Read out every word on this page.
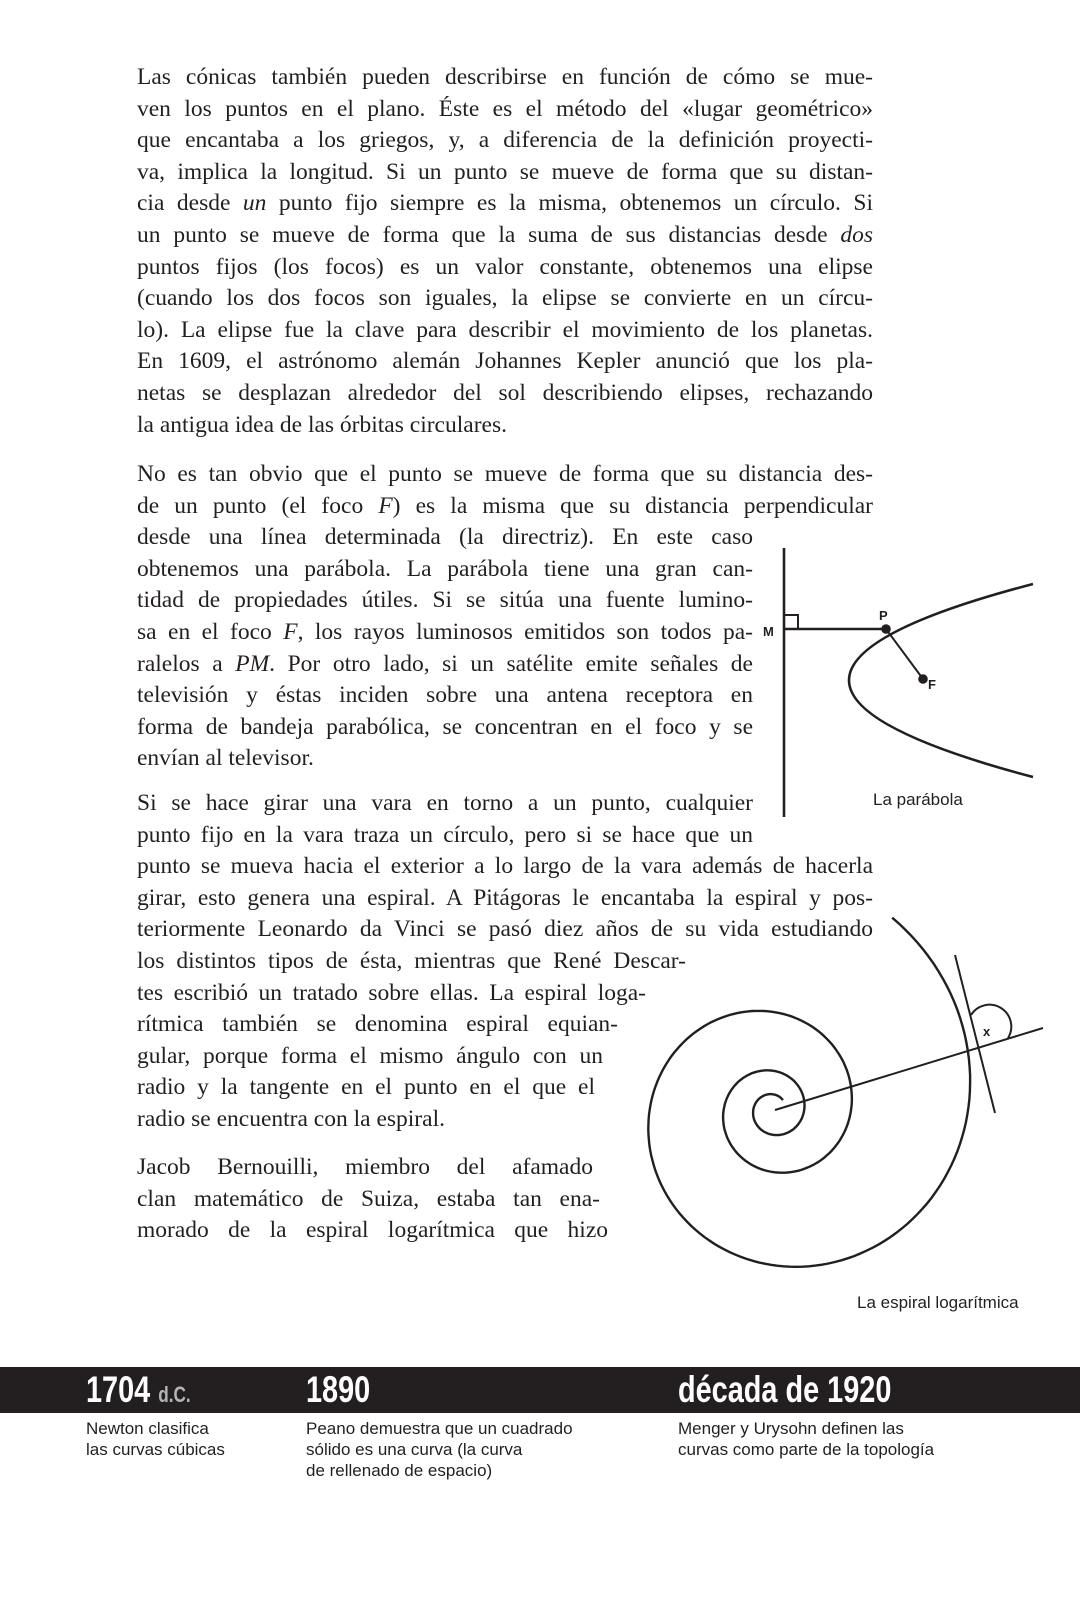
Las cónicas también pueden describirse en función de cómo se mue-
ven los puntos en el plano. Éste es el método del «lugar geométrico»
que encantaba a los griegos, y, a diferencia de la definición proyecti-
va, implica la longitud. Si un punto se mueve de forma que su distan-
cia desde un punto fijo siempre es la misma, obtenemos un círculo. Si
un punto se mueve de forma que la suma de sus distancias desde dos
puntos fijos (los focos) es un valor constante, obtenemos una elipse
(cuando los dos focos son iguales, la elipse se convierte en un círcu-
lo). La elipse fue la clave para describir el movimiento de los planetas.
En 1609, el astrónomo alemán Johannes Kepler anunció que los pla-
netas se desplazan alrededor del sol describiendo elipses, rechazando
la antigua idea de las órbitas circulares.
No es tan obvio que el punto se mueve de forma que su distancia des-
de un punto (el foco F) es la misma que su distancia perpendicular
desde una línea determinada (la directriz). En este caso
obtenemos una parábola. La parábola tiene una gran can-
tidad de propiedades útiles. Si se sitúa una fuente lumino-
sa en el foco F, los rayos luminosos emitidos son todos pa-
ralelos a PM. Por otro lado, si un satélite emite señales de
televisión y éstas inciden sobre una antena receptora en
forma de bandeja parabólica, se concentran en el foco y se
envían al televisor.
Si se hace girar una vara en torno a un punto, cualquier
punto fijo en la vara traza un círculo, pero si se hace que un
punto se mueva hacia el exterior a lo largo de la vara además de hacerla
girar, esto genera una espiral. A Pitágoras le encantaba la espiral y pos-
teriormente Leonardo da Vinci se pasó diez años de su vida estudiando
los distintos tipos de ésta, mientras que René Descar-
tes escribió un tratado sobre ellas. La espiral loga-
rítmica también se denomina espiral equian-
gular, porque forma el mismo ángulo con un
radio y la tangente en el punto en el que el
radio se encuentra con la espiral.
Jacob Bernouilli, miembro del afamado
clan matemático de Suiza, estaba tan ena-
morado de la espiral logarítmica que hizo
M
P
F
x
La parábola
La espiral logarítmica
1704 d.C.	1890	década de 1920
Newton clasifica
las curvas cúbicas
Peano demuestra que un cuadrado
sólido es una curva (la curva
de rellenado de espacio)
Menger y Urysohn definen las
curvas como parte de la topología
